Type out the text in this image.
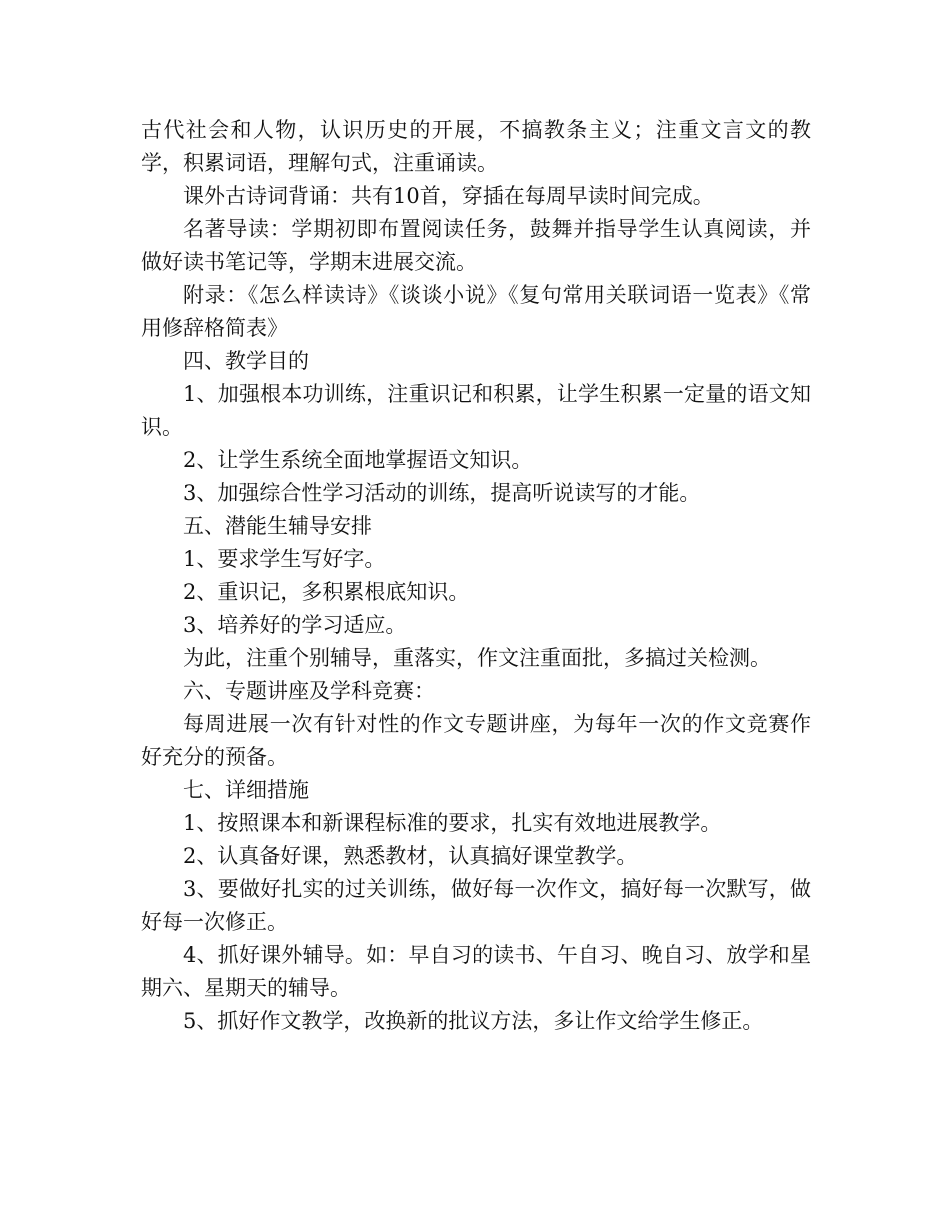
古代社会和人物，认识历史的开展，不搞教条主义；注重文言文的教学，积累词语，理解句式，注重诵读。

课外古诗词背诵：共有10首，穿插在每周早读时间完成。

名著导读：学期初即布置阅读任务，鼓舞并指导学生认真阅读，并做好读书笔记等，学期末进展交流。

附录：《怎么样读诗》《谈谈小说》《复句常用关联词语一览表》《常用修辞格简表》

四、教学目的

1、加强根本功训练，注重识记和积累，让学生积累一定量的语文知识。

2、让学生系统全面地掌握语文知识。

3、加强综合性学习活动的训练，提高听说读写的才能。

五、潜能生辅导安排

1、要求学生写好字。

2、重识记，多积累根底知识。

3、培养好的学习适应。

为此，注重个别辅导，重落实，作文注重面批，多搞过关检测。

六、专题讲座及学科竞赛：

每周进展一次有针对性的作文专题讲座，为每年一次的作文竞赛作好充分的预备。

七、详细措施

1、按照课本和新课程标准的要求，扎实有效地进展教学。

2、认真备好课，熟悉教材，认真搞好课堂教学。

3、要做好扎实的过关训练，做好每一次作文，搞好每一次默写，做好每一次修正。

4、抓好课外辅导。如：早自习的读书、午自习、晚自习、放学和星期六、星期天的辅导。

5、抓好作文教学，改换新的批议方法，多让作文给学生修正。
